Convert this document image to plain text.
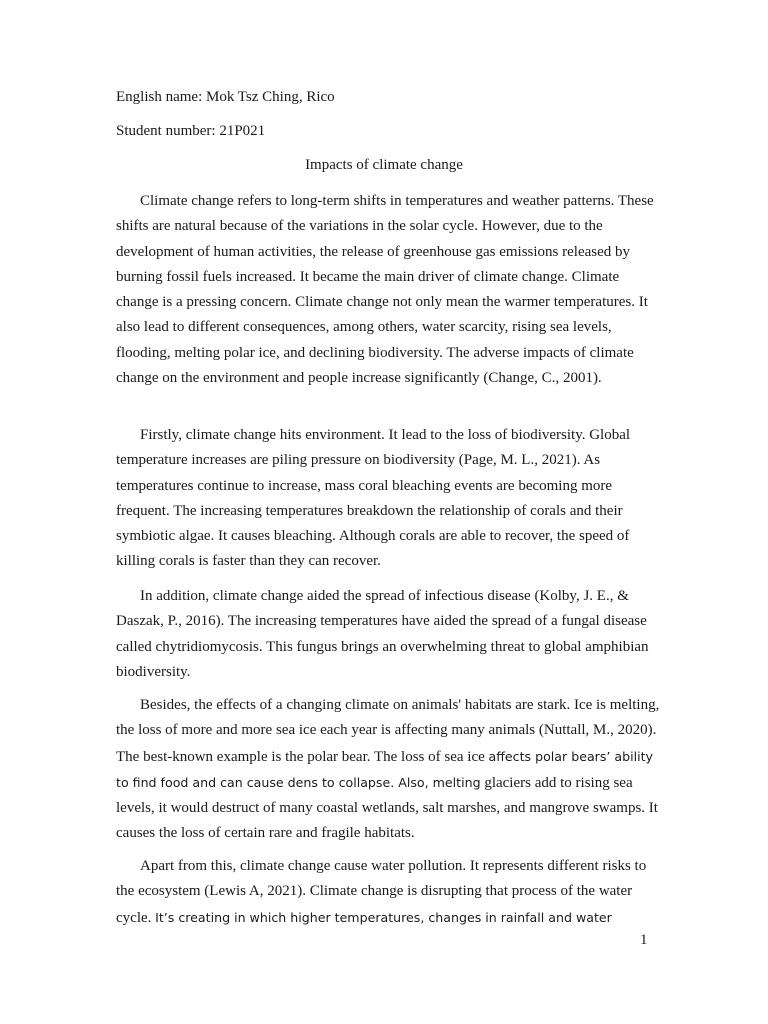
English name: Mok Tsz Ching, Rico
Student number: 21P021
Impacts of climate change

Climate change refers to long-term shifts in temperatures and weather patterns. These shifts are natural because of the variations in the solar cycle. However, due to the development of human activities, the release of greenhouse gas emissions released by burning fossil fuels increased. It became the main driver of climate change. Climate change is a pressing concern. Climate change not only mean the warmer temperatures. It also lead to different consequences, among others, water scarcity, rising sea levels, flooding, melting polar ice, and declining biodiversity. The adverse impacts of climate change on the environment and people increase significantly (Change, C., 2001).

Firstly, climate change hits environment. It lead to the loss of biodiversity. Global temperature increases are piling pressure on biodiversity (Page, M. L., 2021). As temperatures continue to increase, mass coral bleaching events are becoming more frequent. The increasing temperatures breakdown the relationship of corals and their symbiotic algae. It causes bleaching. Although corals are able to recover, the speed of killing corals is faster than they can recover.

In addition, climate change aided the spread of infectious disease (Kolby, J. E., & Daszak, P., 2016). The increasing temperatures have aided the spread of a fungal disease called chytridiomycosis. This fungus brings an overwhelming threat to global amphibian biodiversity.

Besides, the effects of a changing climate on animals' habitats are stark. Ice is melting, the loss of more and more sea ice each year is affecting many animals (Nuttall, M., 2020). The best-known example is the polar bear. The loss of sea ice affects polar bears’ ability to find food and can cause dens to collapse. Also, melting glaciers add to rising sea levels, it would destruct of many coastal wetlands, salt marshes, and mangrove swamps. It causes the loss of certain rare and fragile habitats.

Apart from this, climate change cause water pollution. It represents different risks to the ecosystem (Lewis A, 2021). Climate change is disrupting that process of the water cycle. It’s creating in which higher temperatures, changes in rainfall and water

1
